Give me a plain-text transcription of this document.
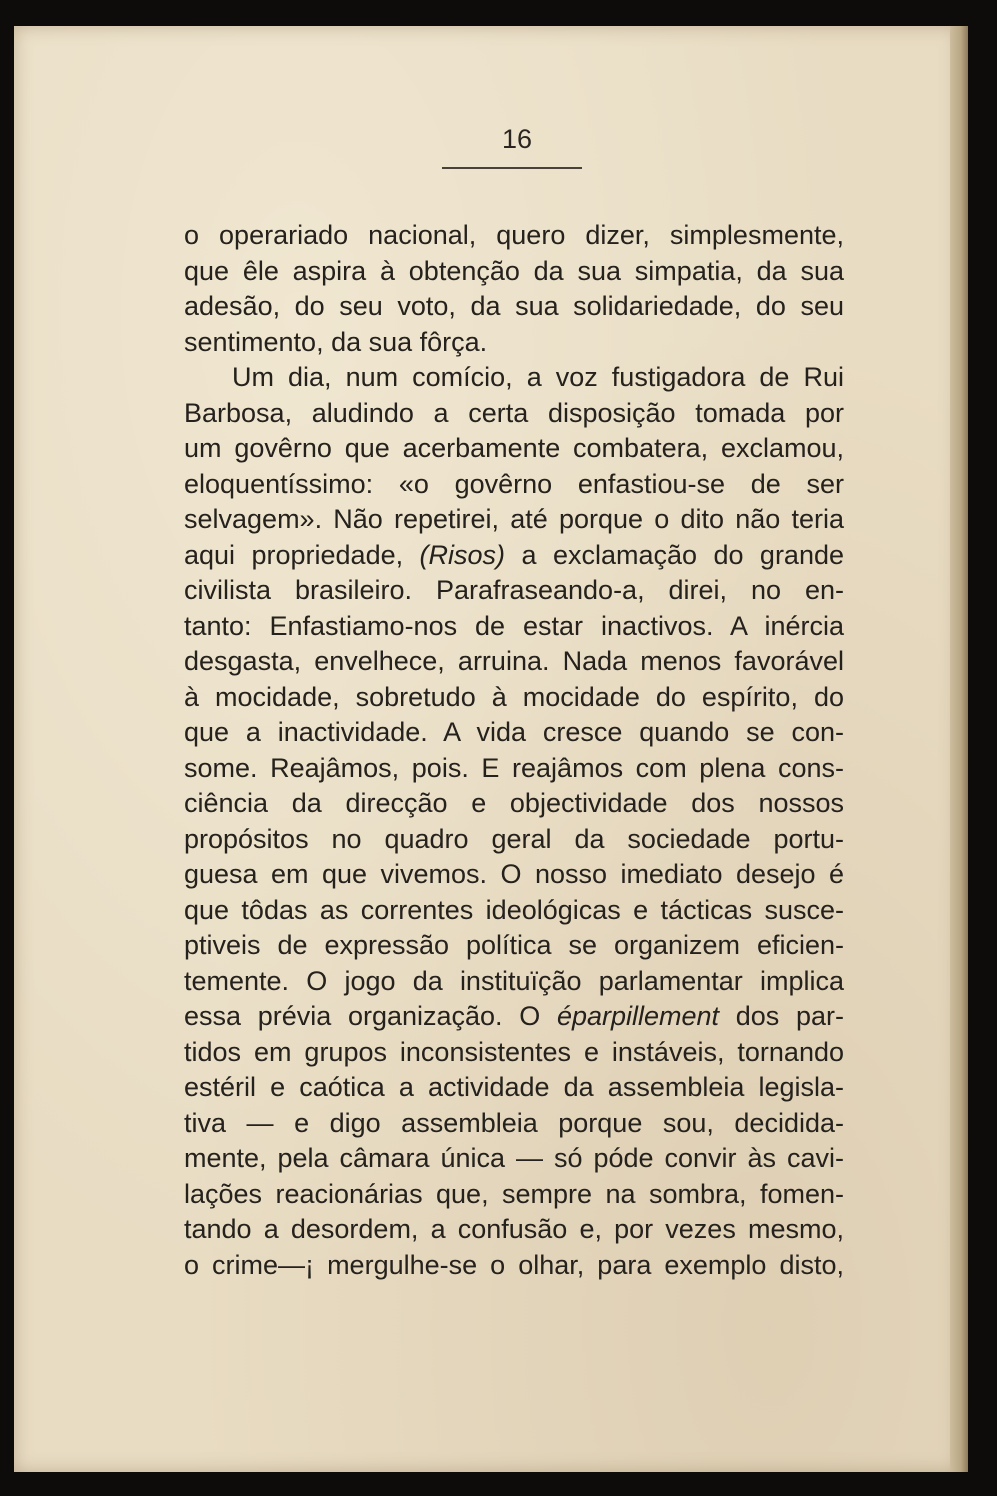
16
o operariado nacional, quero dizer, simplesmente,
que êle aspira à obtenção da sua simpatia, da sua
adesão, do seu voto, da sua solidariedade, do seu
sentimento, da sua fôrça.
Um dia, num comício, a voz fustigadora de Rui
Barbosa, aludindo a certa disposição tomada por
um govêrno que acerbamente combatera, exclamou,
eloquentíssimo: «o govêrno enfastiou-se de ser
selvagem». Não repetirei, até porque o dito não teria
aqui propriedade, (Risos) a exclamação do grande
civilista brasileiro. Parafraseando-a, direi, no en-
tanto: Enfastiamo-nos de estar inactivos. A inércia
desgasta, envelhece, arruina. Nada menos favorável
à mocidade, sobretudo à mocidade do espírito, do
que a inactividade. A vida cresce quando se con-
some. Reajâmos, pois. E reajâmos com plena cons-
ciência da direcção e objectividade dos nossos
propósitos no quadro geral da sociedade portu-
guesa em que vivemos. O nosso imediato desejo é
que tôdas as correntes ideológicas e tácticas susce-
ptiveis de expressão política se organizem eficien-
temente. O jogo da instituïção parlamentar implica
essa prévia organização. O éparpillement dos par-
tidos em grupos inconsistentes e instáveis, tornando
estéril e caótica a actividade da assembleia legisla-
tiva — e digo assembleia porque sou, decidida-
mente, pela câmara única — só póde convir às cavi-
lações reacionárias que, sempre na sombra, fomen-
tando a desordem, a confusão e, por vezes mesmo,
o crime—¡ mergulhe-se o olhar, para exemplo disto,
